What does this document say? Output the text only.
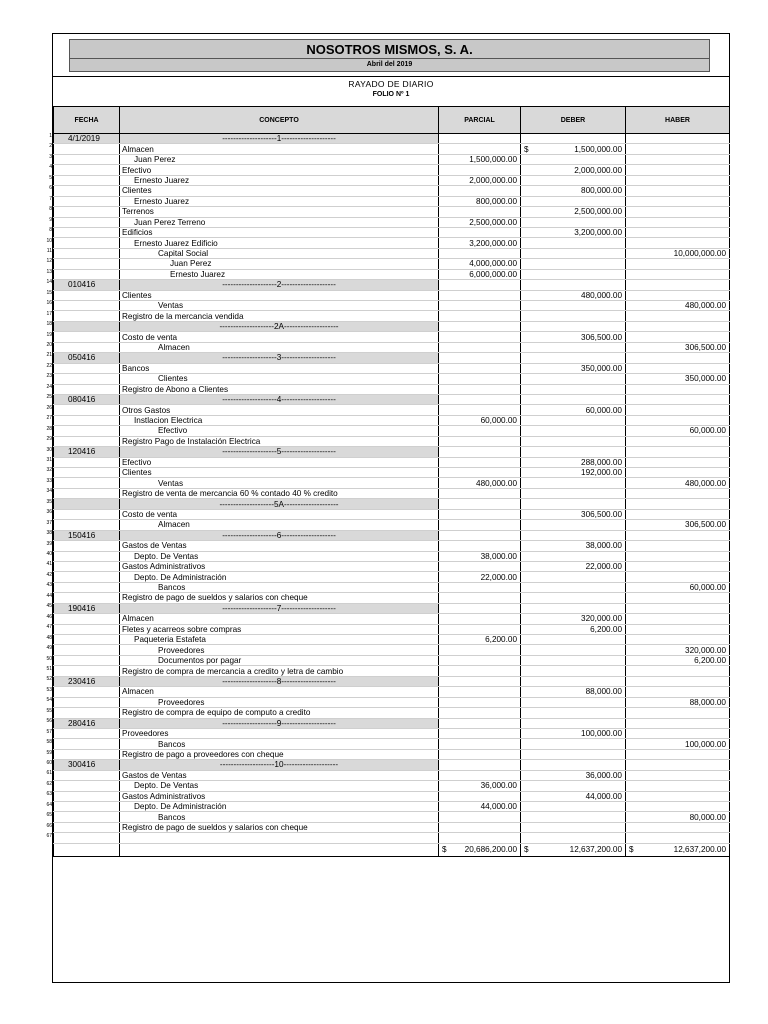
NOSOTROS MISMOS, S. A.
Abril del 2019
RAYADO DE DIARIO
FOLIO Nº 1
FECHA	CONCEPTO	PARCIAL	DEBER	HABER
4/1/2019	--------------------1--------------------			
	Almacen		$ 1,500,000.00	
	Juan Perez	1,500,000.00		
	Efectivo		2,000,000.00	
	Ernesto Juarez	2,000,000.00		
	Clientes		800,000.00	
	Ernesto Juarez	800,000.00		
	Terrenos		2,500,000.00	
	Juan Perez Terreno	2,500,000.00		
	Edificios		3,200,000.00	
	Ernesto Juarez Edificio	3,200,000.00		
	Capital Social			10,000,000.00
	Juan Perez	4,000,000.00		
	Ernesto Juarez	6,000,000.00		
010416	--------------------2--------------------			
	Clientes		480,000.00	
	Ventas			480,000.00
	Registro de la mercancia vendida			
	--------------------2A--------------------			
	Costo de venta		306,500.00	
	Almacen			306,500.00
050416	--------------------3--------------------			
	Bancos		350,000.00	
	Clientes			350,000.00
	Registro de Abono a Clientes			
080416	--------------------4--------------------			
	Otros Gastos		60,000.00	
	Instlacion Electrica	60,000.00		
	Efectivo			60,000.00
	Registro Pago de Instalación Electrica			
120416	--------------------5--------------------			
	Efectivo		288,000.00	
	Clientes		192,000.00	
	Ventas	480,000.00		480,000.00
	Registro de venta de mercancia 60 % contado 40 % credito			
	--------------------5A--------------------			
	Costo de venta		306,500.00	
	Almacen			306,500.00
150416	--------------------6--------------------			
	Gastos de Ventas		38,000.00	
	Depto. De Ventas	38,000.00		
	Gastos Administrativos		22,000.00	
	Depto. De Administración	22,000.00		
	Bancos			60,000.00
	Registro de pago de sueldos y salarios con cheque			
190416	--------------------7--------------------			
	Almacen		320,000.00	
	Fletes y acarreos sobre compras		6,200.00	
	Paqueteria Estafeta	6,200.00		
	Proveedores			320,000.00
	Documentos por pagar			6,200.00
	Registro de compra de mercancia a credito y letra de cambio			
230416	--------------------8--------------------			
	Almacen		88,000.00	
	Proveedores			88,000.00
	Registro de compra de equipo de computo a credito			
280416	--------------------9--------------------			
	Proveedores		100,000.00	
	Bancos			100,000.00
	Registro de pago a proveedores con cheque			
300416	--------------------10--------------------			
	Gastos de Ventas		36,000.00	
	Depto. De Ventas	36,000.00		
	Gastos Administrativos		44,000.00	
	Depto. De Administración	44,000.00		
	Bancos			80,000.00
	Registro de pago de sueldos y salarios con cheque			

		$ 20,686,200.00	$ 12,637,200.00	$ 12,637,200.00
1
2
3
4
5
6
7
8
9
8
10
11
12
13
14
15
16
17
18
19
20
21
22
23
24
25
26
27
28
29
30
31
32
33
34
35
36
37
38
39
40
41
42
43
44
45
46
47
48
49
50
51
52
53
54
55
56
57
58
59
60
61
62
63
64
65
66
67
